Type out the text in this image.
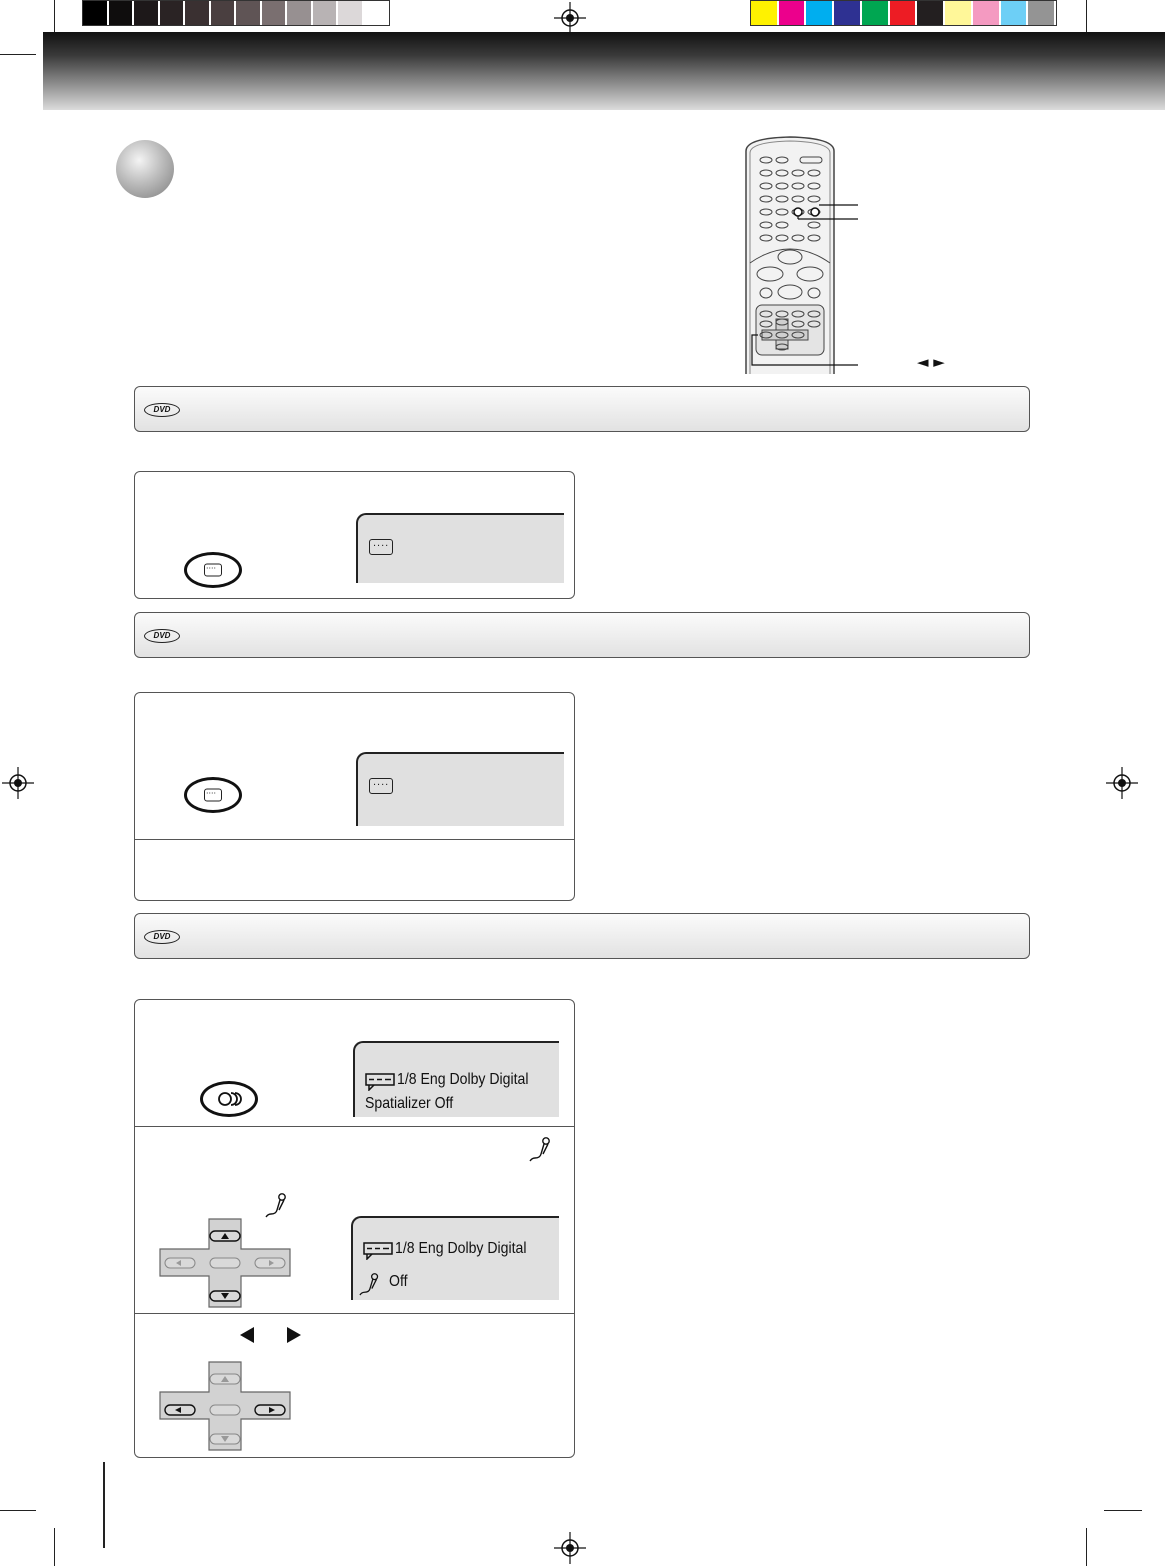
◄ ►
DVD
....
....
DVD
....
....
DVD
1/8 Eng Dolby Digital
Spatializer Off
1/8 Eng Dolby Digital
Off
